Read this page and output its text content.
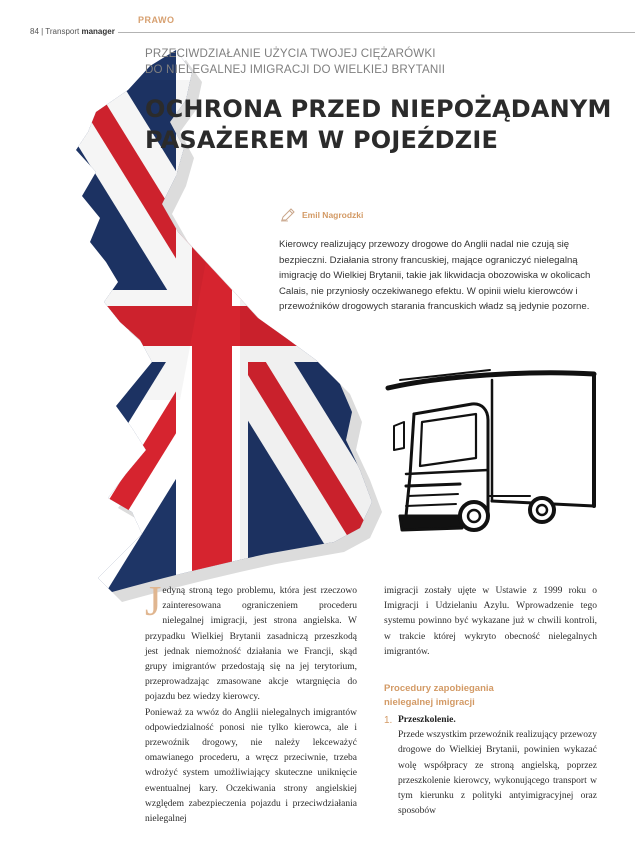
84 | Transport manager
PRAWO
PRZECIWDZIAŁANIE UŻYCIA TWOJEJ CIĘŻARÓWKI
DO NIELEGALNEJ IMIGRACJI DO WIELKIEJ BRYTANII
OCHRONA PRZED NIEPOŻĄDANYM
PASAŻEREM W POJEŹDZIE
Emil Nagrodzki
Kierowcy realizujący przewozy drogowe do Anglii nadal nie czują się bezpieczni. Działania strony francuskiej, mające ograniczyć nielegalną imigrację do Wielkiej Brytanii, takie jak likwidacja obozowiska w okolicach Calais, nie przyniosły oczekiwanego efektu. W opinii wielu kierowców i przewoźników drogowych starania francuskich władz są jedynie pozorne.

Jedyną stroną tego problemu, która jest rzeczowo zainteresowana ograniczeniem procederu nielegalnej imigracji, jest strona angielska. W przypadku Wielkiej Brytanii zasadniczą przeszkodą jest jednak niemożność działania we Francji, skąd grupy imigrantów przedostają się na jej terytorium, przeprowadzając zmasowane akcje wtargnięcia do pojazdu bez wiedzy kierowcy.

Ponieważ za wwóz do Anglii nielegalnych imigrantów odpowiedzialność ponosi nie tylko kierowca, ale i przewoźnik drogowy, nie należy lekceważyć omawianego procederu, a wręcz przeciwnie, trzeba wdrożyć system umożliwiający skuteczne uniknięcie ewentualnej kary. Oczekiwania strony angielskiej względem zabezpieczenia pojazdu i przeciwdziałania nielegalnej

imigracji zostały ujęte w Ustawie z 1999 roku o Imigracji i Udzielaniu Azylu. Wprowadzenie tego systemu powinno być wykazane już w chwili kontroli, w trakcie której wykryto obecność nielegalnych imigrantów.

Procedury zapobiegania
nielegalnej imigracji
1. Przeszkolenie.

Przede wszystkim przewoźnik realizujący przewozy drogowe do Wielkiej Brytanii, powinien wykazać wolę współpracy ze stroną angielską, poprzez przeszkolenie kierowcy, wykonującego transport w tym kierunku z polityki antyimigracyjnej oraz sposobów
